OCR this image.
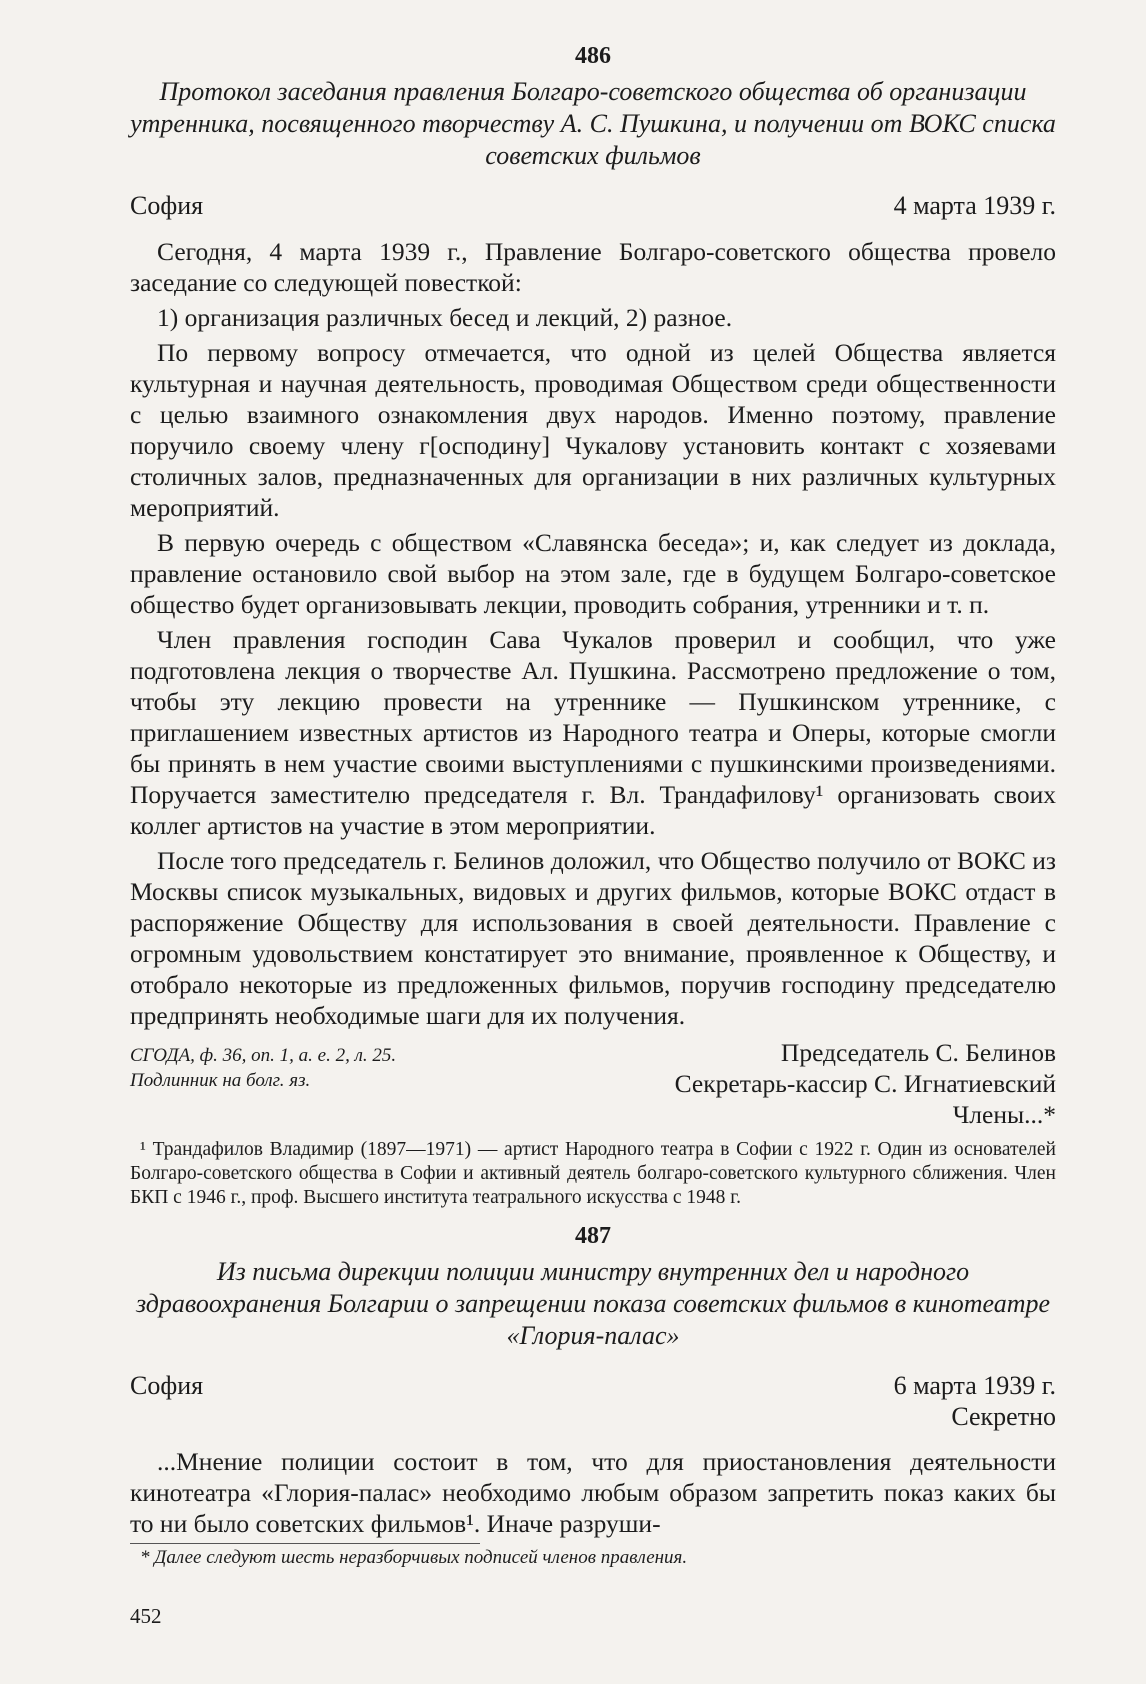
486
Протокол заседания правления Болгаро-советского общества об организации утренника, посвященного творчеству А. С. Пушкина, и получении от ВОКС списка советских фильмов
София	4 марта 1939 г.

Сегодня, 4 марта 1939 г., Правление Болгаро-советского общества провело заседание со следующей повесткой:

1) организация различных бесед и лекций, 2) разное.

По первому вопросу отмечается, что одной из целей Общества является культурная и научная деятельность, проводимая Обществом среди общественности с целью взаимного ознакомления двух народов. Именно поэтому, правление поручило своему члену г[осподину] Чукалову установить контакт с хозяевами столичных залов, предназначенных для организации в них различных культурных мероприятий.

В первую очередь с обществом «Славянска беседа»; и, как следует из доклада, правление остановило свой выбор на этом зале, где в будущем Болгаро-советское общество будет организовывать лекции, проводить собрания, утренники и т. п.

Член правления господин Сава Чукалов проверил и сообщил, что уже подготовлена лекция о творчестве Ал. Пушкина. Рассмотрено предложение о том, чтобы эту лекцию провести на утреннике — Пушкинском утреннике, с приглашением известных артистов из Народного театра и Оперы, которые смогли бы принять в нем участие своими выступлениями с пушкинскими произведениями. Поручается заместителю председателя г. Вл. Трандафилову¹ организовать своих коллег артистов на участие в этом мероприятии.

После того председатель г. Белинов доложил, что Общество получило от ВОКС из Москвы список музыкальных, видовых и других фильмов, которые ВОКС отдаст в распоряжение Обществу для использования в своей деятельности. Правление с огромным удовольствием констатирует это внимание, проявленное к Обществу, и отобрало некоторые из предложенных фильмов, поручив господину председателю предпринять необходимые шаги для их получения.

СГОДА, ф. 36, оп. 1, а. е. 2, л. 25.
Подлинник на болг. яз.
Председатель С. Белинов
Секретарь-кассир С. Игнатиевский
Члены...*

¹ Трандафилов Владимир (1897—1971) — артист Народного театра в Софии с 1922 г. Один из основателей Болгаро-советского общества в Софии и активный деятель болгаро-советского культурного сближения. Член БКП с 1946 г., проф. Высшего института театрального искусства с 1948 г.

487
Из письма дирекции полиции министру внутренних дел и народного здравоохранения Болгарии о запрещении показа советских фильмов в кинотеатре «Глория-палас»
София	6 марта 1939 г.
Секретно

...Мнение полиции состоит в том, что для приостановления деятельности кинотеатра «Глория-палас» необходимо любым образом запретить показ каких бы то ни было советских фильмов¹. Иначе разруши-

* Далее следуют шесть неразборчивых подписей членов правления.

452
